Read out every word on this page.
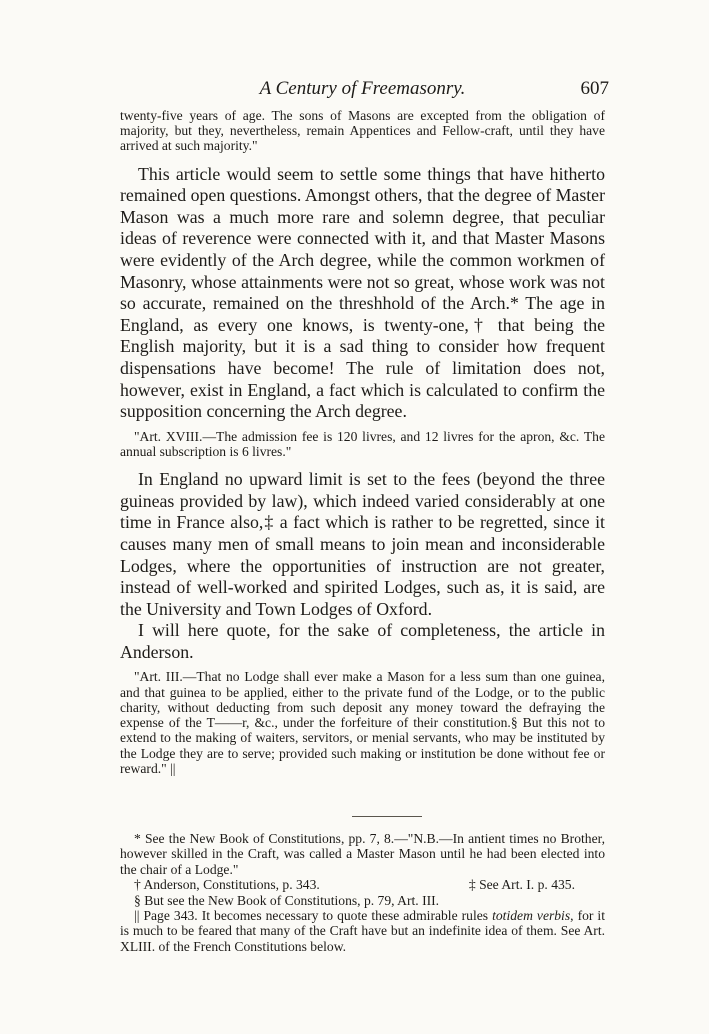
A Century of Freemasonry.	607

twenty-five years of age. The sons of Masons are excepted from the obligation of majority, but they, nevertheless, remain Appentices and Fellow-craft, until they have arrived at such majority."

This article would seem to settle some things that have hitherto remained open questions. Amongst others, that the degree of Master Mason was a much more rare and solemn degree, that peculiar ideas of reverence were connected with it, and that Master Masons were evidently of the Arch degree, while the common workmen of Masonry, whose attainments were not so great, whose work was not so accurate, remained on the threshhold of the Arch.* The age in England, as every one knows, is twenty-one,† that being the English majority, but it is a sad thing to consider how frequent dispensations have become! The rule of limitation does not, however, exist in England, a fact which is calculated to confirm the supposition concerning the Arch degree.

"Art. XVIII.—The admission fee is 120 livres, and 12 livres for the apron, &c. The annual subscription is 6 livres."

In England no upward limit is set to the fees (beyond the three guineas provided by law), which indeed varied considerably at one time in France also,‡ a fact which is rather to be regretted, since it causes many men of small means to join mean and inconsiderable Lodges, where the opportunities of instruction are not greater, instead of well-worked and spirited Lodges, such as, it is said, are the University and Town Lodges of Oxford.

I will here quote, for the sake of completeness, the article in Anderson.

"Art. III.—That no Lodge shall ever make a Mason for a less sum than one guinea, and that guinea to be applied, either to the private fund of the Lodge, or to the public charity, without deducting from such deposit any money toward the defraying the expense of the T——r, &c., under the forfeiture of their constitution.§ But this not to extend to the making of waiters, servitors, or menial servants, who may be instituted by the Lodge they are to serve; provided such making or institution be done without fee or reward." ||

* See the New Book of Constitutions, pp. 7, 8.—"N.B.—In antient times no Brother, however skilled in the Craft, was called a Master Mason until he had been elected into the chair of a Lodge."

† Anderson, Constitutions, p. 343.	‡ See Art. I. p. 435.

§ But see the New Book of Constitutions, p. 79, Art. III.

|| Page 343. It becomes necessary to quote these admirable rules totidem verbis, for it is much to be feared that many of the Craft have but an indefinite idea of them. See Art. XLIII. of the French Constitutions below.
